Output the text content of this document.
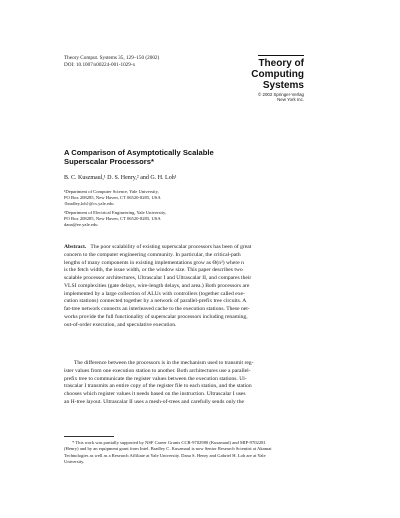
Theory Comput. Systems 35, 129–150 (2002)
DOI: 10.1007/s00224-001-1029-x	Theory of
Computing
Systems
© 2002 Springer-Verlag
New York Inc.
A Comparison of Asymptotically Scalable
Superscalar Processors*
B. C. Kuszmaul,¹ D. S. Henry,² and G. H. Loh¹
¹Department of Computer Science, Yale University,
PO Box 208285, New Haven, CT 06520-8285, USA
{bradley,loh}@cs.yale.edu
²Department of Electrical Engineering, Yale University,
PO Box 208285, New Haven, CT 06520-8285, USA
dana@ee.yale.edu
Abstract. The poor scalability of existing superscalar processors has been of great
concern to the computer engineering community. In particular, the critical-path
lengths of many components in existing implementations grow as Θ(n²) where n
is the fetch width, the issue width, or the window size. This paper describes two
scalable processor architectures, Ultrascalar I and Ultrascalar II, and compares their
VLSI complexities (gate delays, wire-length delays, and area.) Both processors are
implemented by a large collection of ALUs with controllers (together called exe-
cution stations) connected together by a network of parallel-prefix tree circuits. A
fat-tree network connects an interleaved cache to the execution stations. These net-
works provide the full functionality of superscalar processors including renaming,
out-of-order execution, and speculative execution.
The difference between the processors is in the mechanism used to transmit reg-
ister values from one execution station to another. Both architectures use a parallel-
prefix tree to communicate the register values between the execution stations. Ul-
trascalar I transmits an entire copy of the register file to each station, and the station
chooses which register values it needs based on the instruction. Ultrascalar I uses
an H-tree layout. Ultrascalar II uses a mesh-of-trees and carefully sends only the
* This work was partially supported by NSF Career Grants CCR-9702980 (Kuszmaul) and MIP-9702281
(Henry) and by an equipment grant from Intel. Bradley C. Kuszmaul is now Senior Research Scientist at Akamai
Technologies as well as a Research Affiliate at Yale University. Dana S. Henry and Gabriel H. Loh are at Yale
University.
